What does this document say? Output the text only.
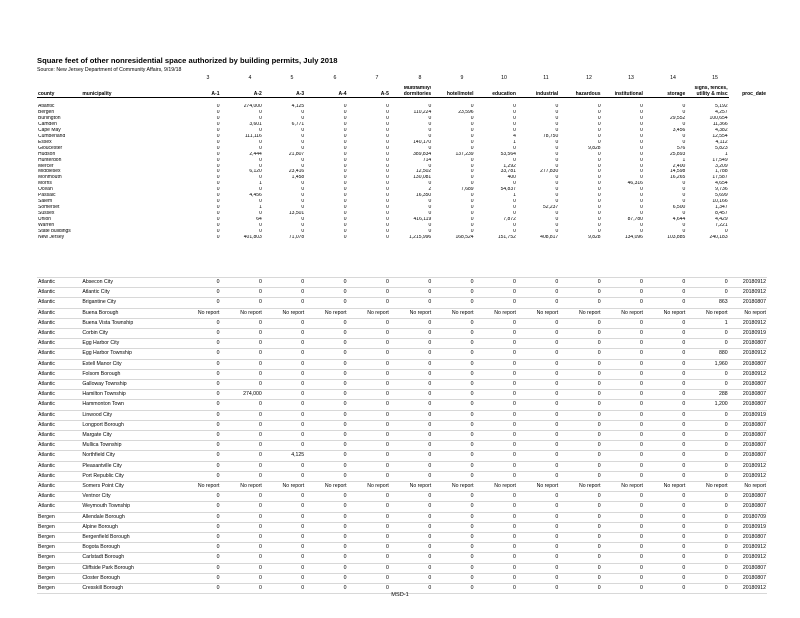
Square feet of other nonresidential space authorized by building permits, July 2018
Source: New Jersey Department of Community Affairs, 9/19/18
3	4	5	6	7	8	9	10	11	12	13	14	15
county	municipality	A-1	A-2	A-3	A-4	A-5	Multifamily/
dormitories	hotel/motel	education	industrial	hazardous	institutional	storage	signs, fences,
utility & misc	proc_date
Atlantic	0	274,000	4,125	0	0	0	0	0	0	0	0	0	5,192
Bergen	0	0	0	0	0	110,224	23,596	0	0	0	0	0	4,257
Burlington	0	0	0	0	0	0	0	0	0	0	0	29,552	100,654
Camden	0	3,601	6,771	0	0	0	0	0	0	0	0	0	11,366
Cape May	0	0	0	0	0	0	0	0	0	0	0	3,456	4,382
Cumberland	0	111,116	0	0	0	0	0	4	78,750	0	0	0	12,554
Essex	0	0	0	0	0	140,170	0	1	0	0	0	0	4,112
Gloucester	0	0	0	0	0	0	0	0	0	9,828	0	576	5,823
Hudson	0	2,444	21,807	0	0	389,834	137,239	53,564	0	0	0	25,893	1
Hunterdon	0	0	0	0	0	714	0	0	0	0	0	1	17,549
Mercer	0	0	0	0	0	0	0	1,292	0	0	0	2,400	3,209
Middlesex	0	6,120	23,416	0	0	12,502	0	33,781	277,830	0	0	14,598	1,788
Monmouth	0	0	1,458	0	0	130,081	0	400	0	0	0	16,265	17,587
Morris	0	1	0	0	0	0	0	0	0	0	46,316	0	4,654
Ocean	0	0	0	0	0	2	7,689	54,837	0	0	0	0	9,736
Passaic	0	4,456	0	0	0	16,350	0	1	0	0	0	0	5,699
Salem	0	0	0	0	0	0	0	0	0	0	0	0	10,166
Somerset	0	1	0	0	0	0	0	0	52,237	0	0	6,500	1,347
Sussex	0	0	13,501	0	0	0	0	0	0	0	0	0	8,457
Union	0	64	0	0	0	416,119	0	7,872	0	0	87,780	4,644	4,429
Warren	0	0	0	0	0	0	0	0	0	0	0	0	7,221
State buildings	0	0	0	0	0	0	0	0	0	0	0	0	0
New Jersey	0	401,803	71,078	0	0	1,215,996	168,524	151,752	408,817	9,828	134,096	103,885	240,183
Atlantic	Absecon City	0	0	0	0	0	0	0	0	0	0	0	0	0	20180912
Atlantic	Atlantic City	0	0	0	0	0	0	0	0	0	0	0	0	0	20180912
Atlantic	Brigantine City	0	0	0	0	0	0	0	0	0	0	0	0	863	20180807
Atlantic	Buena Borough	No report	No report	No report	No report	No report	No report	No report	No report	No report	No report	No report	No report	No report	No report
Atlantic	Buena Vista Township	0	0	0	0	0	0	0	0	0	0	0	0	1	20180912
Atlantic	Corbin City	0	0	0	0	0	0	0	0	0	0	0	0	0	20180919
Atlantic	Egg Harbor City	0	0	0	0	0	0	0	0	0	0	0	0	0	20180807
Atlantic	Egg Harbor Township	0	0	0	0	0	0	0	0	0	0	0	0	880	20180912
Atlantic	Estell Manor City	0	0	0	0	0	0	0	0	0	0	0	0	1,960	20180807
Atlantic	Folsom Borough	0	0	0	0	0	0	0	0	0	0	0	0	0	20180912
Atlantic	Galloway Township	0	0	0	0	0	0	0	0	0	0	0	0	0	20180807
Atlantic	Hamilton Township	0	274,000	0	0	0	0	0	0	0	0	0	0	288	20180807
Atlantic	Hammonton Town	0	0	0	0	0	0	0	0	0	0	0	0	1,200	20180807
Atlantic	Linwood City	0	0	0	0	0	0	0	0	0	0	0	0	0	20180919
Atlantic	Longport Borough	0	0	0	0	0	0	0	0	0	0	0	0	0	20180807
Atlantic	Margate City	0	0	0	0	0	0	0	0	0	0	0	0	0	20180807
Atlantic	Mullica Township	0	0	0	0	0	0	0	0	0	0	0	0	0	20180807
Atlantic	Northfield City	0	0	4,125	0	0	0	0	0	0	0	0	0	0	20180807
Atlantic	Pleasantville City	0	0	0	0	0	0	0	0	0	0	0	0	0	20180912
Atlantic	Port Republic City	0	0	0	0	0	0	0	0	0	0	0	0	0	20180912
Atlantic	Somers Point City	No report	No report	No report	No report	No report	No report	No report	No report	No report	No report	No report	No report	No report	No report
Atlantic	Ventnor City	0	0	0	0	0	0	0	0	0	0	0	0	0	20180807
Atlantic	Weymouth Township	0	0	0	0	0	0	0	0	0	0	0	0	0	20180807
Bergen	Allendale Borough	0	0	0	0	0	0	0	0	0	0	0	0	0	20180709
Bergen	Alpine Borough	0	0	0	0	0	0	0	0	0	0	0	0	0	20180919
Bergen	Bergenfield Borough	0	0	0	0	0	0	0	0	0	0	0	0	0	20180807
Bergen	Bogota Borough	0	0	0	0	0	0	0	0	0	0	0	0	0	20180912
Bergen	Carlstadt Borough	0	0	0	0	0	0	0	0	0	0	0	0	0	20180912
Bergen	Cliffside Park Borough	0	0	0	0	0	0	0	0	0	0	0	0	0	20180807
Bergen	Closter Borough	0	0	0	0	0	0	0	0	0	0	0	0	0	20180807
Bergen	Cresskill Borough	0	0	0	0	0	0	0	0	0	0	0	0	0	20180912
MSD-1
